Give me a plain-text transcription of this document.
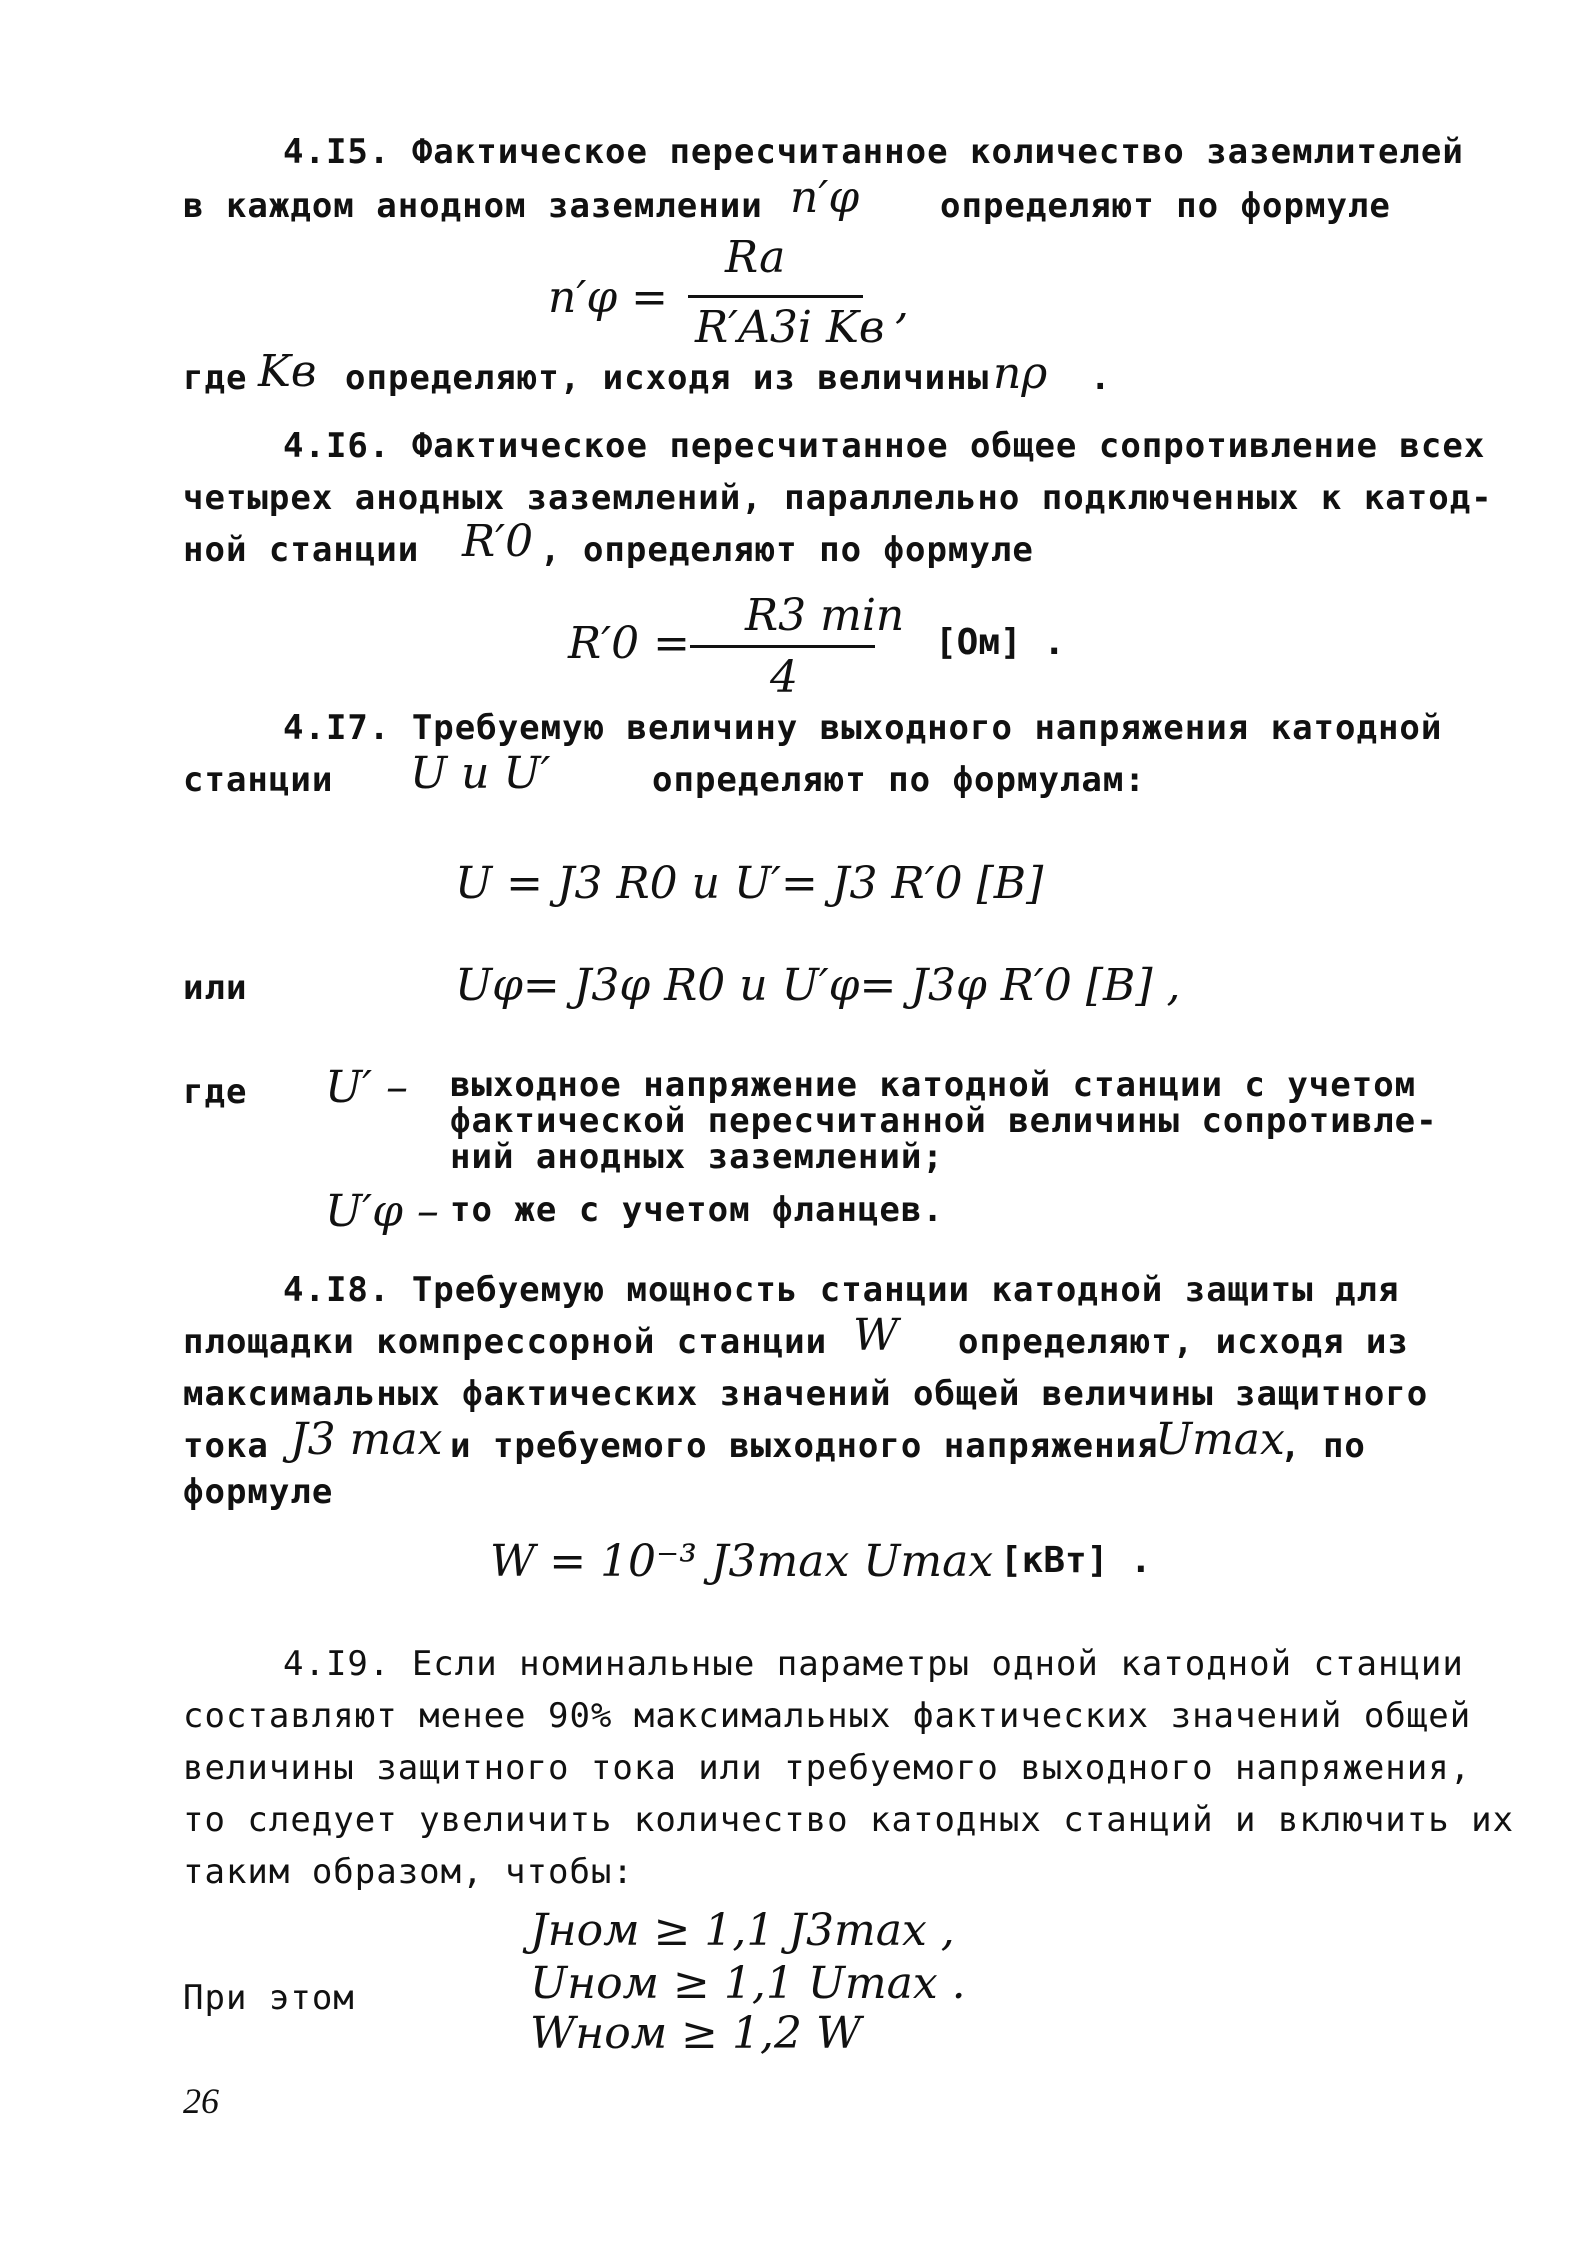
4.I5. Фактическое пересчитанное количество заземлителей
в каждом анодном заземлении n′φ определяют по формуле
n′φ =
Ra
R′A3i Kв ,
где Kв определяют, исходя из величины nρ .
4.I6. Фактическое пересчитанное общее сопротивление всех
четырех анодных заземлений, параллельно подключенных к катод-
ной станции R′0 , определяют по формуле
R′0 =
R3 min
4
[Ом] .
4.I7. Требуемую величину выходного напряжения катодной
станции U и U′	определяют по формулам:
U = J3 R0 и U′= J3 R′0 [В]
или	Uφ= J3φ R0 и U′φ= J3φ R′0 [В] ,
где U′ – выходное напряжение катодной станции с учетом
фактической пересчитанной величины сопротивле-
ний анодных заземлений;
U′φ – то же с учетом фланцев.
4.I8. Требуемую мощность станции катодной защиты для
площадки компрессорной станции W определяют, исходя из
максимальных фактических значений общей величины защитного
тока J3 max и требуемого выходного напряжения
Umax
, по
формуле
W = 10⁻³ J3max Umax [кВт] .
4.I9. Если номинальные параметры одной катодной станции
составляют менее 90% максимальных фактических значений общей
величины защитного тока или требуемого выходного напряжения,
то следует увеличить количество катодных станций и включить их
таким образом, чтобы:
Jном ≥ 1,1 J3max ,
Uном ≥ 1,1 Umax .
При этом
Wном ≥ 1,2 W
26
